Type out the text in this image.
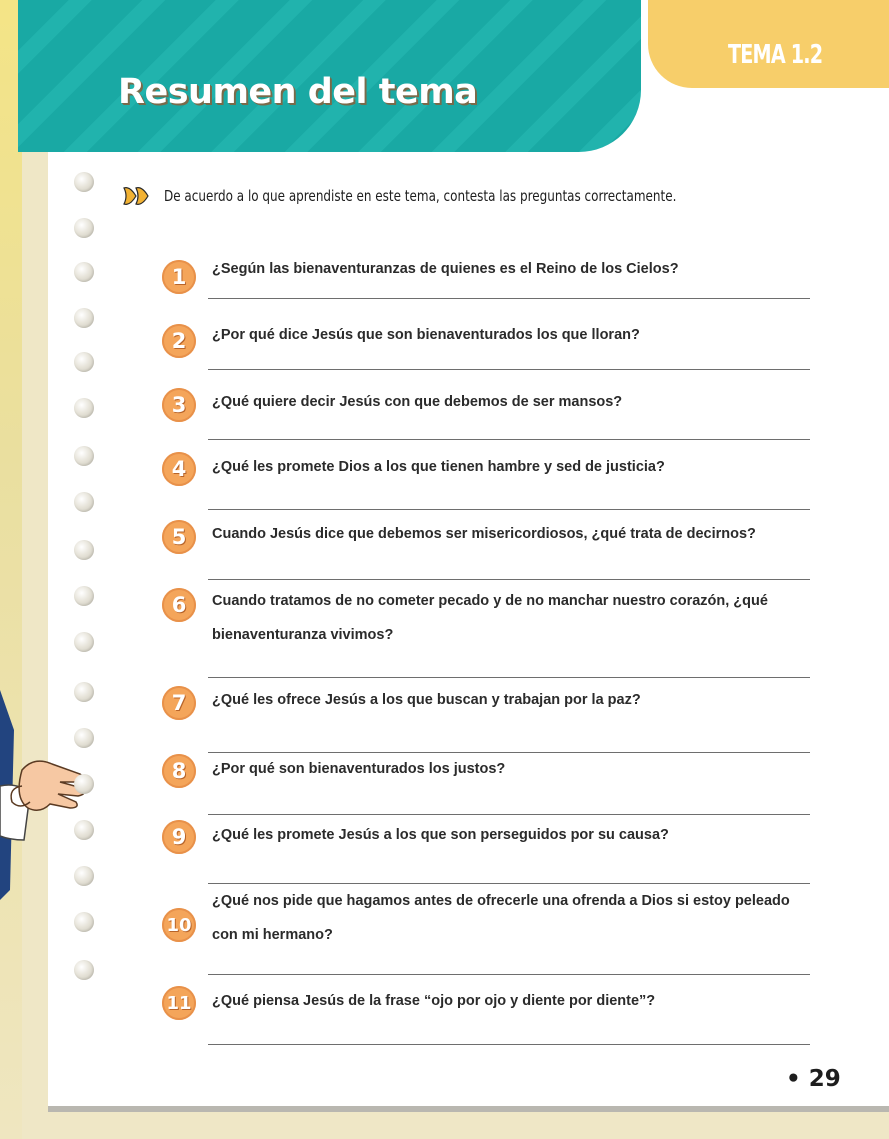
Resumen del tema
TEMA 1.2
De acuerdo a lo que aprendiste en este tema, contesta las preguntas correctamente.
1	¿Según las bienaventuranzas de quienes es el Reino de los Cielos?
2	¿Por qué dice Jesús que son bienaventurados los que lloran?
3	¿Qué quiere decir Jesús con que debemos de ser mansos?
4	¿Qué les promete Dios a los que tienen hambre y sed de justicia?
5	Cuando Jesús dice que debemos ser misericordiosos, ¿qué trata de decirnos?
6	Cuando tratamos de no cometer pecado y de no manchar nuestro corazón, ¿qué bienaventuranza vivimos?
7	¿Qué les ofrece Jesús a los que buscan y trabajan por la paz?
8	¿Por qué son bienaventurados los justos?
9	¿Qué les promete Jesús a los que son perseguidos por su causa?
10
¿Qué nos pide que hagamos antes de ofrecerle una ofrenda a Dios si estoy peleado con mi hermano?
11	¿Qué piensa Jesús de la frase “ojo por ojo y diente por diente”?
• 29
